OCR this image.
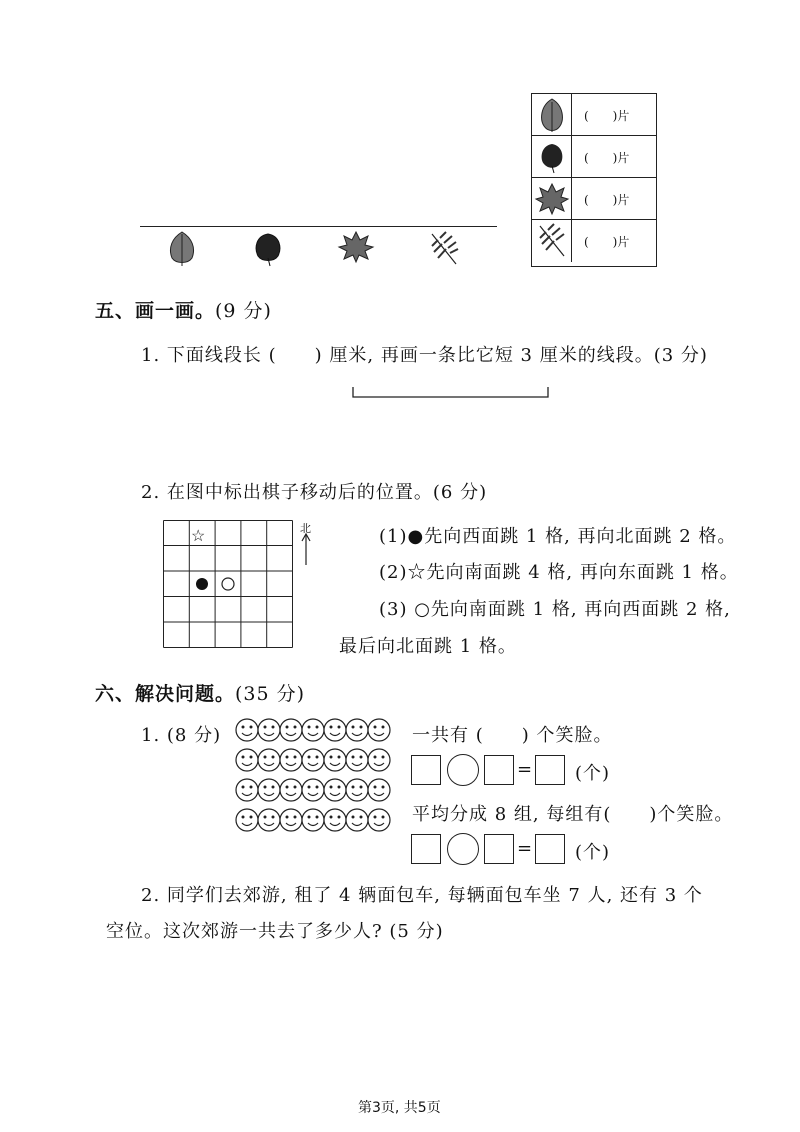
(　　)片
(　　)片
(　　)片
(　　)片
五、画一画。(9 分)
1. 下面线段长 (　　) 厘米, 再画一条比它短 3 厘米的线段。(3 分)
2. 在图中标出棋子移动后的位置。(6 分)
☆	北	(1)●先向西面跳 1 格, 再向北面跳 2 格。
(2)☆先向南面跳 4 格, 再向东面跳 1 格。
(3) ○先向南面跳 1 格, 再向西面跳 2 格,
最后向北面跳 1 格。
六、解决问题。(35 分)
1. (8 分)	一共有 (　　) 个笑脸。
= (个)
平均分成 8 组, 每组有(　　)个笑脸。
= (个)
2. 同学们去郊游, 租了 4 辆面包车, 每辆面包车坐 7 人, 还有 3 个
空位。这次郊游一共去了多少人? (5 分)
第3页, 共5页
